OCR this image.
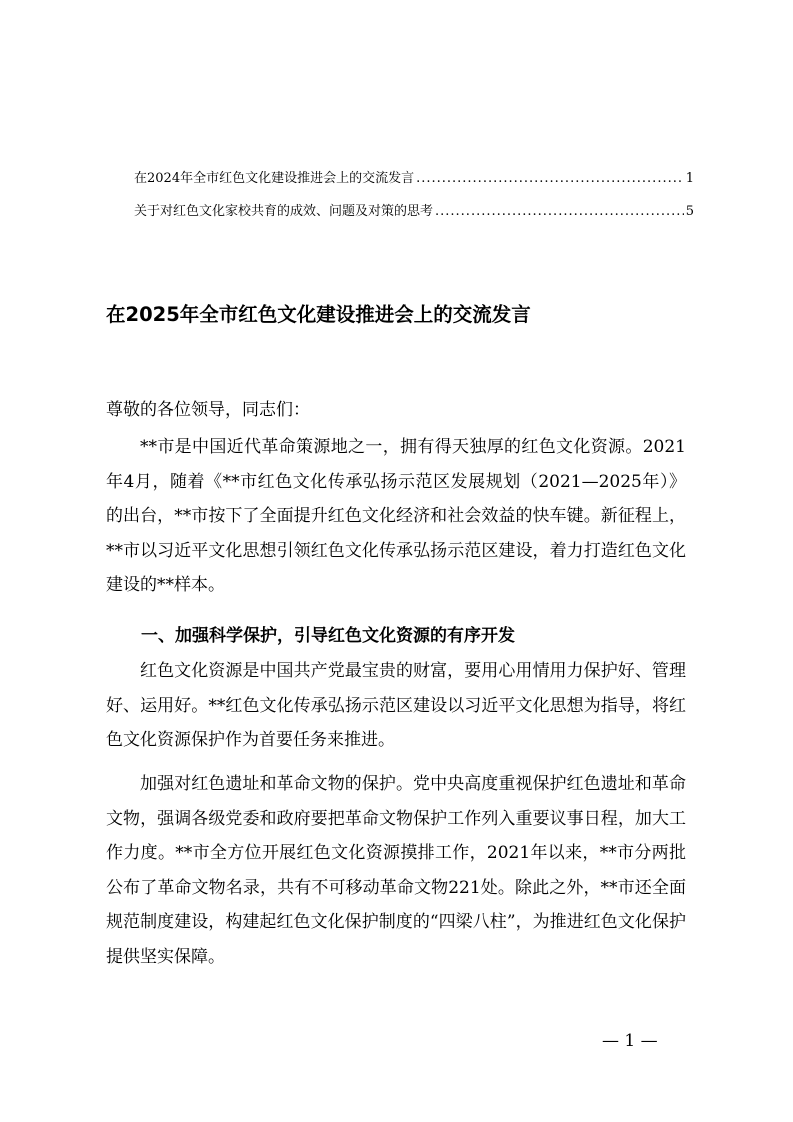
在2024年全市红色文化建设推进会上的交流发言 .....	1
关于对红色文化家校共育的成效、问题及对策的思考 .....	5
在2025年全市红色文化建设推进会上的交流发言

尊敬的各位领导，同志们：

**市是中国近代革命策源地之一，拥有得天独厚的红色文化资源。2021年4月，随着《**市红色文化传承弘扬示范区发展规划（2021—2025年）》的出台，**市按下了全面提升红色文化经济和社会效益的快车键。新征程上，**市以习近平文化思想引领红色文化传承弘扬示范区建设，着力打造红色文化建设的**样本。

一、加强科学保护，引导红色文化资源的有序开发

红色文化资源是中国共产党最宝贵的财富，要用心用情用力保护好、管理好、运用好。**红色文化传承弘扬示范区建设以习近平文化思想为指导，将红色文化资源保护作为首要任务来推进。

加强对红色遗址和革命文物的保护。党中央高度重视保护红色遗址和革命文物，强调各级党委和政府要把革命文物保护工作列入重要议事日程，加大工作力度。**市全方位开展红色文化资源摸排工作，2021年以来，**市分两批公布了革命文物名录，共有不可移动革命文物221处。除此之外，**市还全面规范制度建设，构建起红色文化保护制度的“四梁八柱”，为推进红色文化保护提供坚实保障。

— 1 —
